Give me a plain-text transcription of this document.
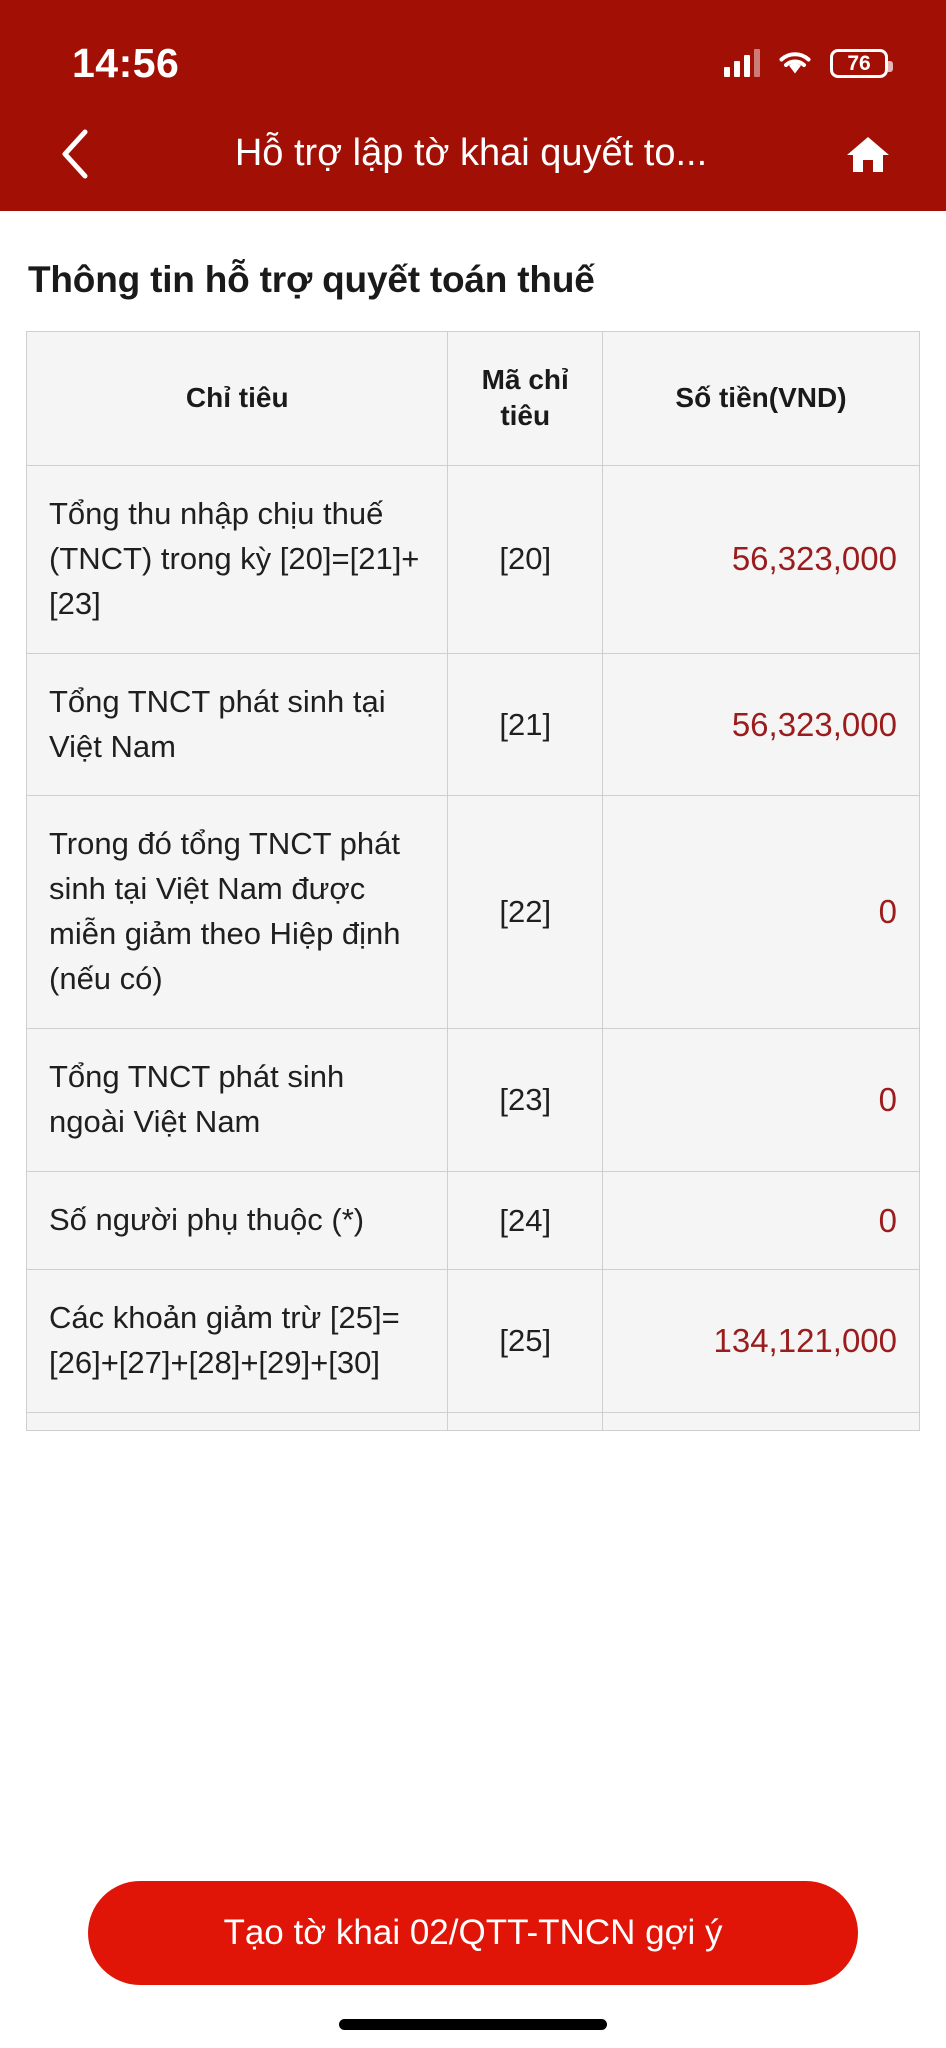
14:56	76
Hỗ trợ lập tờ khai quyết to...
Thông tin hỗ trợ quyết toán thuế
Chỉ tiêu	Mã chỉ tiêu	Số tiền(VND)
Tổng thu nhập chịu thuế (TNCT) trong kỳ [20]=[21]+[23]	[20]	56,323,000
Tổng TNCT phát sinh tại Việt Nam	[21]	56,323,000
Trong đó tổng TNCT phát sinh tại Việt Nam được miễn giảm theo Hiệp định (nếu có)	[22]	0
Tổng TNCT phát sinh ngoài Việt Nam	[23]	0
Số người phụ thuộc (*)	[24]	0
Các khoản giảm trừ [25]=[26]+[27]+[28]+[29]+[30]	[25]	134,121,000

Tạo tờ khai 02/QTT-TNCN gợi ý
